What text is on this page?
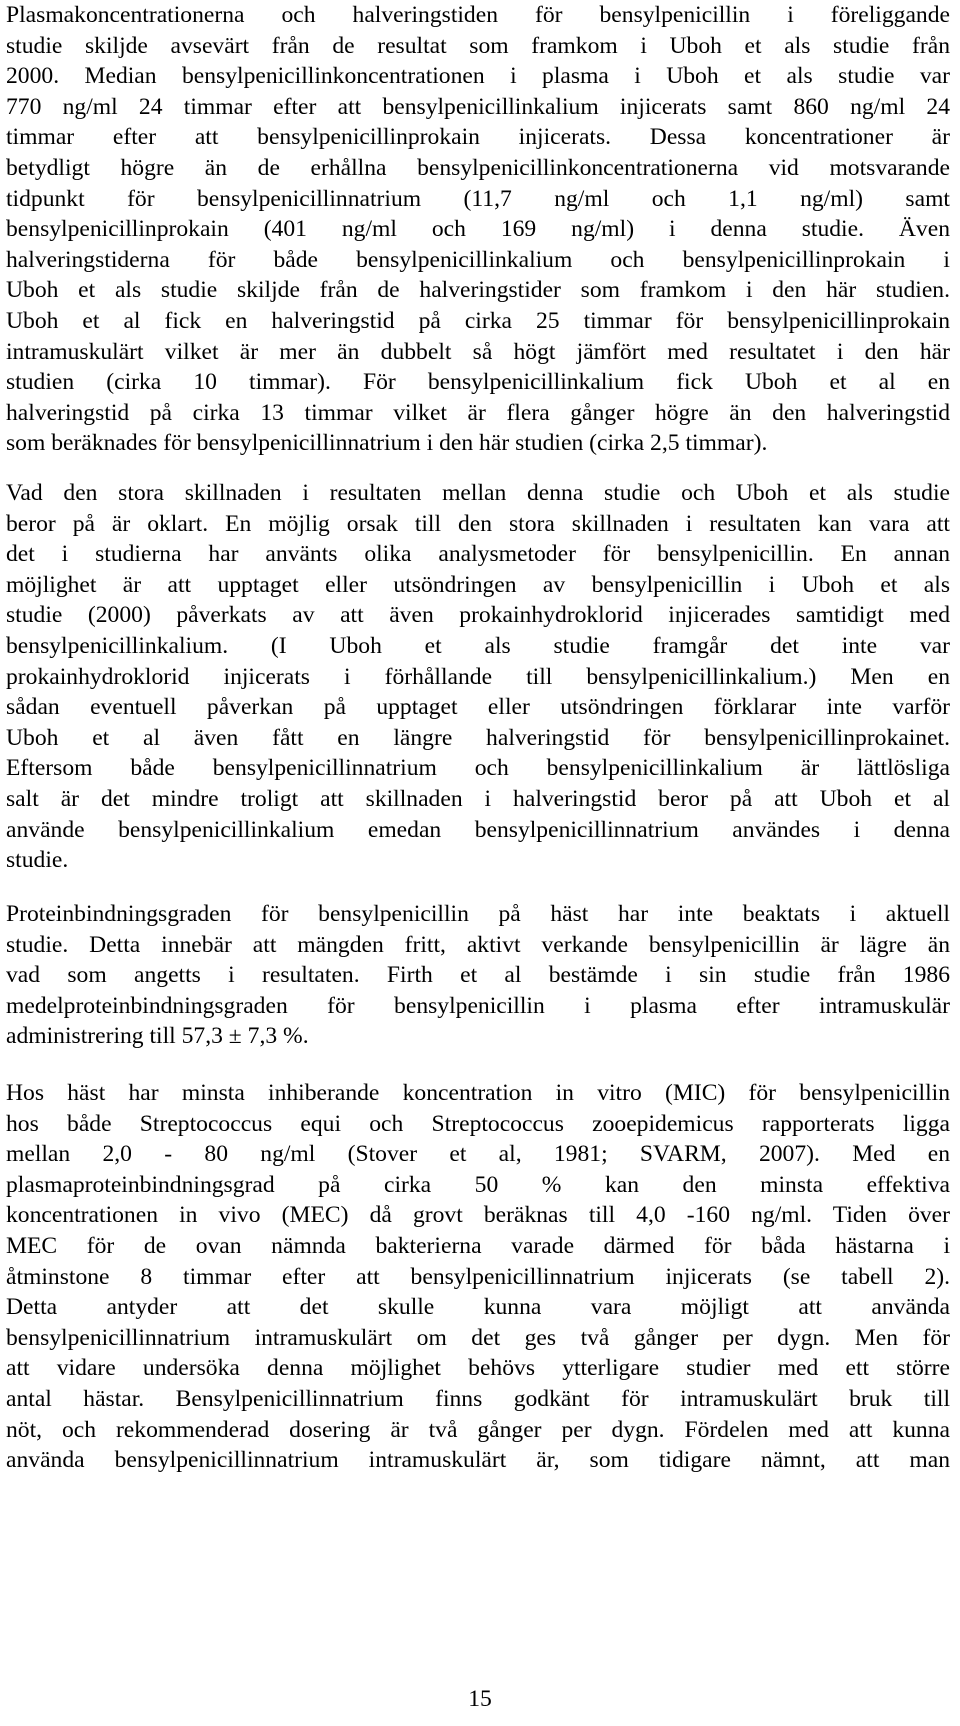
Plasmakoncentrationerna och halveringstiden för bensylpenicillin i föreliggande
studie skiljde avsevärt från de resultat som framkom i Uboh et als studie från
2000. Median bensylpenicillinkoncentrationen i plasma i Uboh et als studie var
770 ng/ml 24 timmar efter att bensylpenicillinkalium injicerats samt 860 ng/ml 24
timmar efter att bensylpenicillinprokain injicerats. Dessa koncentrationer är
betydligt högre än de erhållna bensylpenicillinkoncentrationerna vid motsvarande
tidpunkt för bensylpenicillinnatrium (11,7 ng/ml och 1,1 ng/ml) samt
bensylpenicillinprokain (401 ng/ml och 169 ng/ml) i denna studie. Även
halveringstiderna för både bensylpenicillinkalium och bensylpenicillinprokain i
Uboh et als studie skiljde från de halveringstider som framkom i den här studien.
Uboh et al fick en halveringstid på cirka 25 timmar för bensylpenicillinprokain
intramuskulärt vilket är mer än dubbelt så högt jämfört med resultatet i den här
studien (cirka 10 timmar). För bensylpenicillinkalium fick Uboh et al en
halveringstid på cirka 13 timmar vilket är flera gånger högre än den halveringstid
som beräknades för bensylpenicillinnatrium i den här studien (cirka 2,5 timmar).
Vad den stora skillnaden i resultaten mellan denna studie och Uboh et als studie
beror på är oklart. En möjlig orsak till den stora skillnaden i resultaten kan vara att
det i studierna har använts olika analysmetoder för bensylpenicillin. En annan
möjlighet är att upptaget eller utsöndringen av bensylpenicillin i Uboh et als
studie (2000) påverkats av att även prokainhydroklorid injicerades samtidigt med
bensylpenicillinkalium. (I Uboh et als studie framgår det inte var
prokainhydroklorid injicerats i förhållande till bensylpenicillinkalium.) Men en
sådan eventuell påverkan på upptaget eller utsöndringen förklarar inte varför
Uboh et al även fått en längre halveringstid för bensylpenicillinprokainet.
Eftersom både bensylpenicillinnatrium och bensylpenicillinkalium är lättlösliga
salt är det mindre troligt att skillnaden i halveringstid beror på att Uboh et al
använde bensylpenicillinkalium emedan bensylpenicillinnatrium användes i denna
studie.
Proteinbindningsgraden för bensylpenicillin på häst har inte beaktats i aktuell
studie. Detta innebär att mängden fritt, aktivt verkande bensylpenicillin är lägre än
vad som angetts i resultaten. Firth et al bestämde i sin studie från 1986
medelproteinbindningsgraden för bensylpenicillin i plasma efter intramuskulär
administrering till 57,3 ± 7,3 %.
Hos häst har minsta inhiberande koncentration in vitro (MIC) för bensylpenicillin
hos både Streptococcus equi och Streptococcus zooepidemicus rapporterats ligga
mellan 2,0 - 80 ng/ml (Stover et al, 1981; SVARM, 2007). Med en
plasmaproteinbindningsgrad på cirka 50 % kan den minsta effektiva
koncentrationen in vivo (MEC) då grovt beräknas till 4,0 -160 ng/ml. Tiden över
MEC för de ovan nämnda bakterierna varade därmed för båda hästarna i
åtminstone 8 timmar efter att bensylpenicillinnatrium injicerats (se tabell 2).
Detta antyder att det skulle kunna vara möjligt att använda
bensylpenicillinnatrium intramuskulärt om det ges två gånger per dygn. Men för
att vidare undersöka denna möjlighet behövs ytterligare studier med ett större
antal hästar. Bensylpenicillinnatrium finns godkänt för intramuskulärt bruk till
nöt, och rekommenderad dosering är två gånger per dygn. Fördelen med att kunna
använda bensylpenicillinnatrium intramuskulärt är, som tidigare nämnt, att man
15
